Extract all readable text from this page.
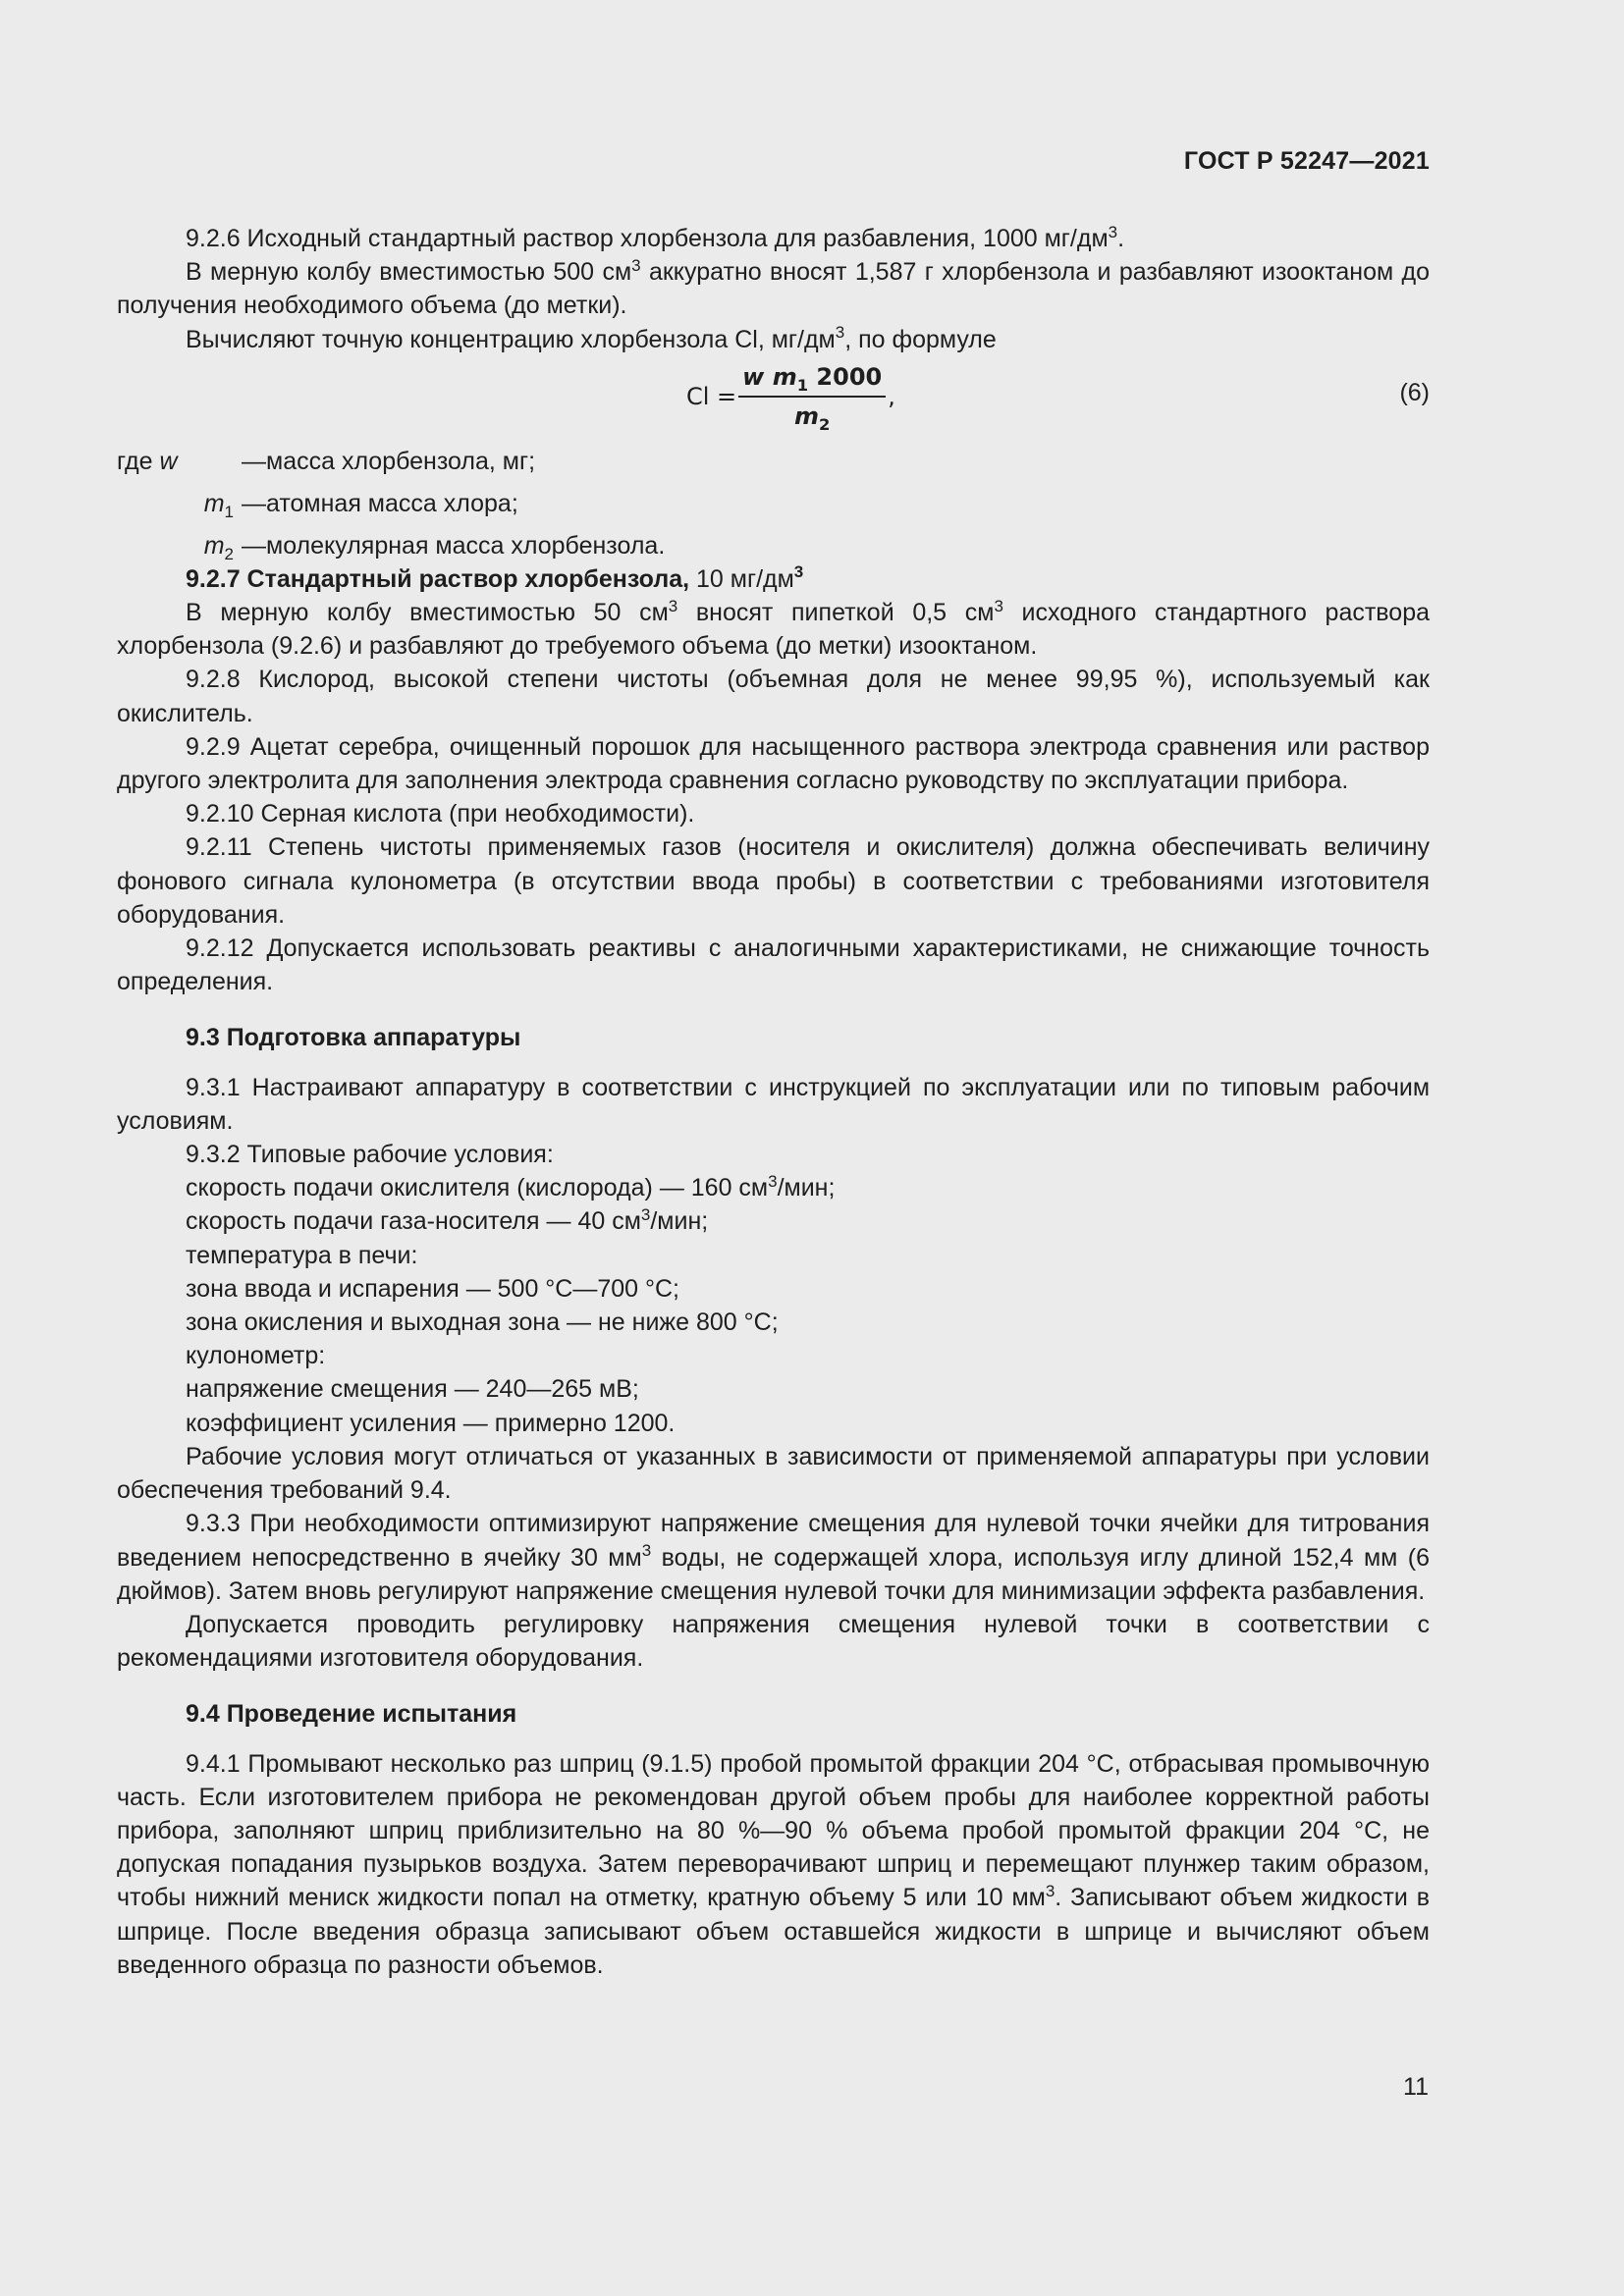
ГОСТ Р 52247—2021

9.2.6 Исходный стандартный раствор хлорбензола для разбавления, 1000 $мг/дм^3$.

В мерную колбу вместимостью 500 $см^3$ аккуратно вносят 1,587 г хлорбензола и разбавляют изооктаном до получения необходимого объема (до метки).

Вычисляют точную концентрацию хлорбензола Cl, $мг/дм^3$, по формуле

$Cl = \frac{w m_1 2000}{m_2}$ ,	(6)
где w	— масса хлорбензола, мг;
$m_1$ — атомная масса хлора;
$m_2$ — молекулярная масса хлорбензола.

9.2.7 Стандартный раствор хлорбензола, 10 $мг/дм^3$

В мерную колбу вместимостью 50 $см^3$ вносят пипеткой 0,5 $см^3$ исходного стандартного раствора хлорбензола (9.2.6) и разбавляют до требуемого объема (до метки) изооктаном.

9.2.8 Кислород, высокой степени чистоты (объемная доля не менее 99,95 %), используемый как окислитель.

9.2.9 Ацетат серебра, очищенный порошок для насыщенного раствора электрода сравнения или раствор другого электролита для заполнения электрода сравнения согласно руководству по эксплуатации прибора.

9.2.10 Серная кислота (при необходимости).

9.2.11 Степень чистоты применяемых газов (носителя и окислителя) должна обеспечивать величину фонового сигнала кулонометра (в отсутствии ввода пробы) в соответствии с требованиями изготовителя оборудования.

9.2.12 Допускается использовать реактивы с аналогичными характеристиками, не снижающие точность определения.

9.3 Подготовка аппаратуры

9.3.1 Настраивают аппаратуру в соответствии с инструкцией по эксплуатации или по типовым рабочим условиям.

9.3.2 Типовые рабочие условия:

скорость подачи окислителя (кислорода) — 160 $см^3$/мин;

скорость подачи газа-носителя — 40 $см^3$/мин;

температура в печи:

зона ввода и испарения — 500 °С—700 °С;

зона окисления и выходная зона — не ниже 800 °С;

кулонометр:

напряжение смещения — 240—265 мВ;

коэффициент усиления — примерно 1200.

Рабочие условия могут отличаться от указанных в зависимости от применяемой аппаратуры при условии обеспечения требований 9.4.

9.3.3 При необходимости оптимизируют напряжение смещения для нулевой точки ячейки для титрования введением непосредственно в ячейку 30 $мм^3$ воды, не содержащей хлора, используя иглу длиной 152,4 мм (6 дюймов). Затем вновь регулируют напряжение смещения нулевой точки для минимизации эффекта разбавления.

Допускается проводить регулировку напряжения смещения нулевой точки в соответствии с рекомендациями изготовителя оборудования.

9.4 Проведение испытания

9.4.1 Промывают несколько раз шприц (9.1.5) пробой промытой фракции 204 °С, отбрасывая промывочную часть. Если изготовителем прибора не рекомендован другой объем пробы для наиболее корректной работы прибора, заполняют шприц приблизительно на 80 %—90 % объема пробой промытой фракции 204 °С, не допуская попадания пузырьков воздуха. Затем переворачивают шприц и перемещают плунжер таким образом, чтобы нижний мениск жидкости попал на отметку, кратную объему 5 или 10 $мм^3$. Записывают объем жидкости в шприце. После введения образца записывают объем оставшейся жидкости в шприце и вычисляют объем введенного образца по разности объемов.

11
